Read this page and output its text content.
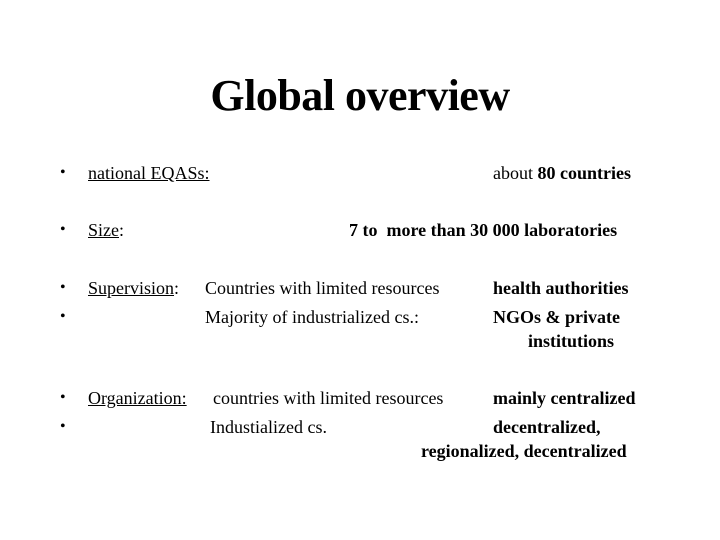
Global overview
• national EQASs:	about 80 countries
• Size:	7 to  more than 30 000 laboratories
• Supervision: Countries with limited resources	health authorities
•	Majority of industrialized cs.:	NGOs & private
institutions
• Organization: countries with limited resources	mainly centralized
•	Industialized cs.	decentralized,
regionalized, decentralized
